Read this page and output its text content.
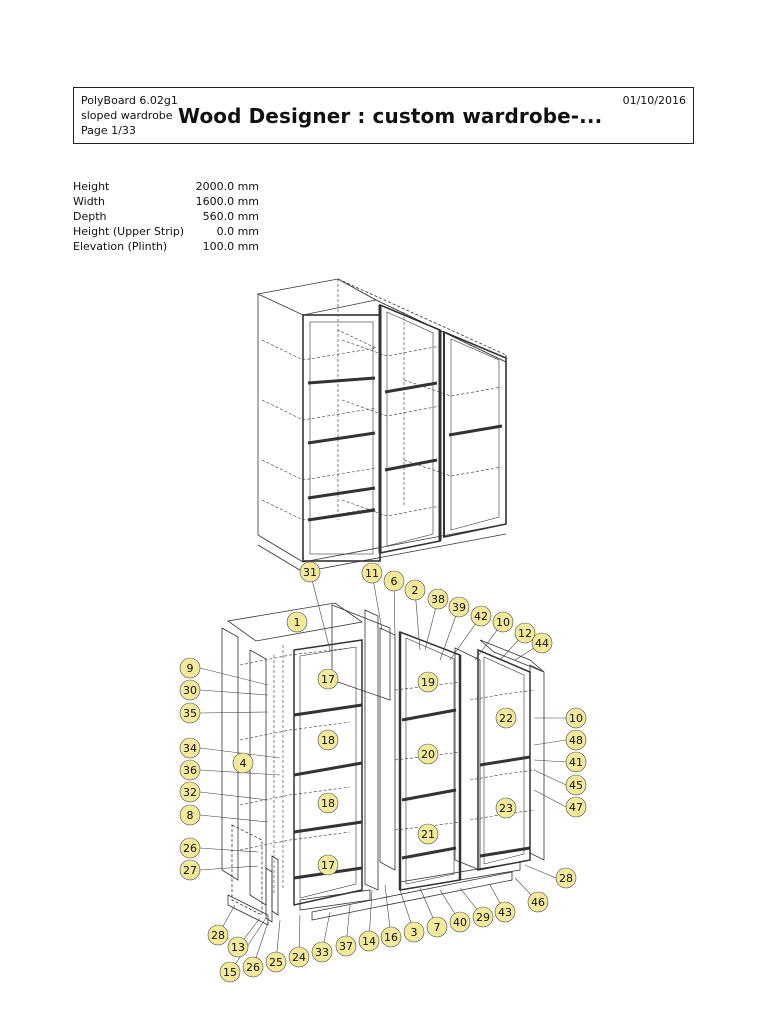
PolyBoard 6.02g1
sloped wardrobe
Page 1/33
Wood Designer : custom wardrobe-...
01/10/2016
Height	2000.0 mm
Width	1600.0 mm
Depth	560.0 mm
Height (Upper Strip)	0.0 mm
Elevation (Plinth)	100.0 mm
31	11
6
2
38
39
42 10
12
44
1
9
17	19
30
35	22	10
18
34	20
48
36
4	41
32
45
18
8
23	47
21
26
27	17
28
46
29 43
40
7
3
16
14
37
33
24
25
26
15
13
28
